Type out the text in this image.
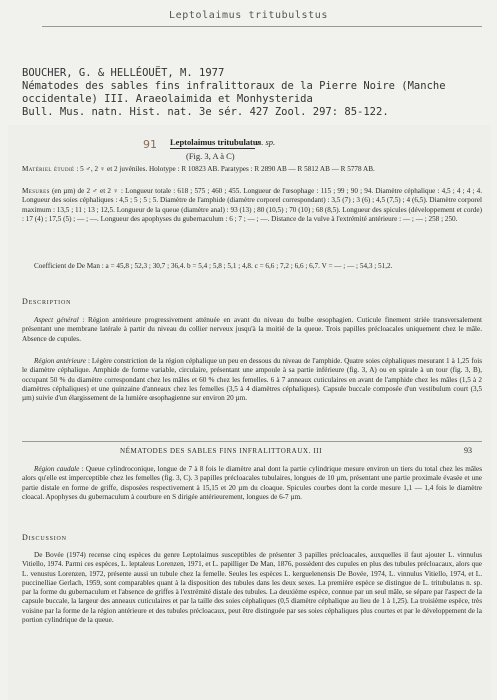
Leptolaimus tritubulstus
BOUCHER, G. & HELLÉOUËT, M. 1977
Nématodes des sables fins infralittoraux de la Pierre Noire (Manche
occidentale) III. Araeolaimida et Monhysterida
Bull. Mus. natn. Hist. nat. 3e sér. 427 Zool. 297: 85-122.
91 Leptolaimus tritubulatus
n. sp.
(Fig. 3, A à C)
Matériel étudié : 5 ♂, 2 ♀ et 2 juvéniles. Holotype : R 10823 AB. Paratypes : R 2890 AB — R 5812 AB — R 5778 AB.
Mesures (en µm) de 2 ♂ et 2 ♀ : Longueur totale : 618 ; 575 ; 460 ; 455. Longueur de l'œsophage : 115 ; 99 ; 90 ; 94. Diamètre céphalique : 4,5 ; 4 ; 4 ; 4. Longueur des soies céphaliques : 4,5 ; 5 ; 5 ; 5. Diamètre de l'amphide (diamètre corporel correspondant) : 3,5 (7) ; 3 (6) ; 4,5 (7,5) ; 4 (6,5). Diamètre corporel maximum : 13,5 ; 11 ; 13 ; 12,5. Longueur de la queue (diamètre anal) : 93 (13) ; 80 (10,5) ; 70 (10) ; 68 (8,5). Longueur des spicules (développement et corde) : 17 (4) ; 17,5 (5) ; — ; —. Longueur des apophyses du gubernaculum : 6 ; 7 ; — ; —. Distance de la vulve à l'extrémité antérieure : — ; — ; 258 ; 250.
Coefficient de De Man : a = 45,8 ; 52,3 ; 30,7 ; 36,4. b = 5,4 ; 5,8 ; 5,1 ; 4,8. c = 6,6 ; 7,2 ; 6,6 ; 6,7. V = — ; — ; 54,3 ; 51,2.
Description
Aspect général : Région antérieure progressivement atténuée en avant du niveau du bulbe œsophagien. Cuticule finement striée transversalement présentant une membrane latérale à partir du niveau du collier nerveux jusqu'à la moitié de la queue. Trois papilles précloacales uniquement chez le mâle. Absence de cupules.
Région antérieure : Légère constriction de la région céphalique un peu en dessous du niveau de l'amphide. Quatre soies céphaliques mesurant 1 à 1,25 fois le diamètre céphalique. Amphide de forme variable, circulaire, présentant une ampoule à sa partie inférieure (fig. 3, A) ou en spirale à un tour (fig. 3, B), occupant 50 % du diamètre correspondant chez les mâles et 60 % chez les femelles. 6 à 7 anneaux cuticulaires en avant de l'amphide chez les mâles (1,5 à 2 diamètres céphaliques) et une quinzaine d'anneaux chez les femelles (3,5 à 4 diamètres céphaliques). Capsule buccale composée d'un vestibulum court (3,5 µm) suivie d'un élargissement de la lumière œsophagienne sur environ 20 µm.
NÉMATODES DES SABLES FINS INFRALITTORAUX. III	93
Région caudale : Queue cylindroconique, longue de 7 à 8 fois le diamètre anal dont la partie cylindrique mesure environ un tiers du total chez les mâles alors qu'elle est imperceptible chez les femelles (fig. 3, C). 3 papilles précloacales tubulaires, longues de 10 µm, présentant une partie proximale évasée et une partie distale en forme de griffe, disposées respectivement à 15,15 et 20 µm du cloaque. Spicules courbes dont la corde mesure 1,1 — 1,4 fois le diamètre cloacal. Apophyses du gubernaculum à courbure en S dirigée antérieurement, longues de 6-7 µm.
Discussion
De Bovée (1974) recense cinq espèces du genre Leptolaimus susceptibles de présenter 3 papilles précloacales, auxquelles il faut ajouter L. vinnulus Vitiello, 1974. Parmi ces espèces, L. leptaleus Lorenzen, 1971, et L. papilliger De Man, 1876, possèdent des cupules en plus des tubules précloacaux, alors que L. venustus Lorenzen, 1972, présente aussi un tubule chez la femelle. Seules les espèces L. kerguelenensis De Bovée, 1974, L. vinnulus Vitiello, 1974, et L. puccinelliae Gerlach, 1959, sont comparables quant à la disposition des tubules dans les deux sexes. La première espèce se distingue de L. tritubulatus n. sp. par la forme du gubernaculum et l'absence de griffes à l'extrémité distale des tubules. La deuxième espèce, connue par un seul mâle, se sépare par l'aspect de la capsule buccale, la largeur des anneaux cuticulaires et par la taille des soies céphaliques (0,5 diamètre céphalique au lieu de 1 à 1,25). La troisième espèce, très voisine par la forme de la région antérieure et des tubules précloacaux, peut être distinguée par ses soies céphaliques plus courtes et par le développement de la portion cylindrique de la queue.
